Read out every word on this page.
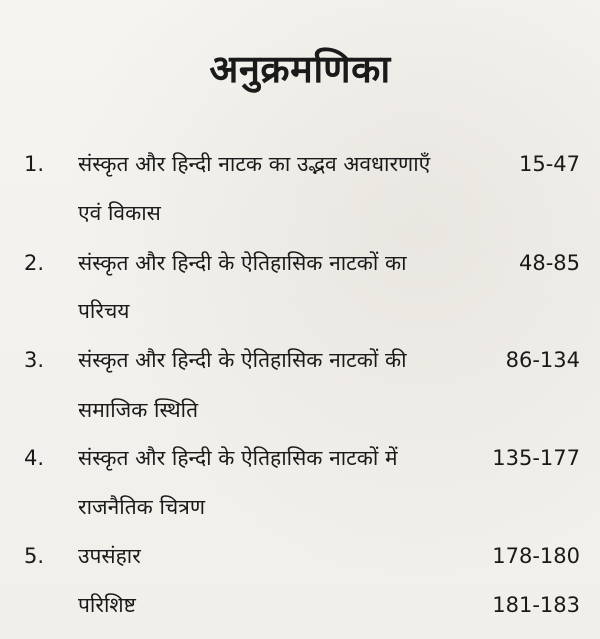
अनुक्रमणिका
1. संस्कृत और हिन्दी नाटक का उद्भव अवधारणाएँ	15-47
एवं विकास
2. संस्कृत और हिन्दी के ऐतिहासिक नाटकों का	48-85
परिचय
3. संस्कृत और हिन्दी के ऐतिहासिक नाटकों की	86-134
समाजिक स्थिति
4. संस्कृत और हिन्दी के ऐतिहासिक नाटकों में	135-177
राजनैतिक चित्रण
5. उपसंहार	178-180
परिशिष्ट	181-183
